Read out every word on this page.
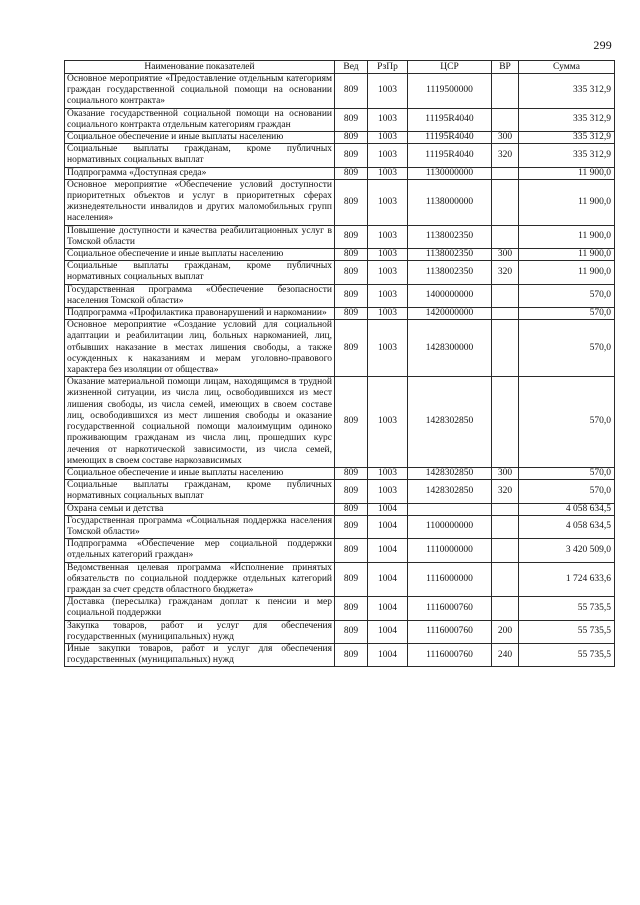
299
Наименование показателей	Вед	РзПр	ЦСР	ВР	Сумма
Основное мероприятие «Предоставление отдельным категориям граждан государственной социальной помощи на основании социального контракта»	809	1003	1119500000		335 312,9
Оказание государственной социальной помощи на основании социального контракта отдельным категориям граждан	809	1003	11195R4040		335 312,9
Социальное обеспечение и иные выплаты населению	809	1003	11195R4040	300	335 312,9
Социальные выплаты гражданам, кроме публичных нормативных социальных выплат	809	1003	11195R4040	320	335 312,9
Подпрограмма «Доступная среда»	809	1003	1130000000		11 900,0
Основное мероприятие «Обеспечение условий доступности приоритетных объектов и услуг в приоритетных сферах жизнедеятельности инвалидов и других маломобильных групп населения»	809	1003	1138000000		11 900,0
Повышение доступности и качества реабилитационных услуг в Томской области	809	1003	1138002350		11 900,0
Социальное обеспечение и иные выплаты населению	809	1003	1138002350	300	11 900,0
Социальные выплаты гражданам, кроме публичных нормативных социальных выплат	809	1003	1138002350	320	11 900,0
Государственная программа «Обеспечение безопасности населения Томской области»	809	1003	1400000000		570,0
Подпрограмма «Профилактика правонарушений и наркомании»	809	1003	1420000000		570,0
Основное мероприятие «Создание условий для социальной адаптации и реабилитации лиц, больных наркоманией, лиц, отбывших наказание в местах лишения свободы, а также осужденных к наказаниям и мерам уголовно-правового характера без изоляции от общества»	809	1003	1428300000		570,0
Оказание материальной помощи лицам, находящимся в трудной жизненной ситуации, из числа лиц, освободившихся из мест лишения свободы, из числа семей, имеющих в своем составе лиц, освободившихся из мест лишения свободы и оказание государственной социальной помощи малоимущим одиноко проживающим гражданам из числа лиц, прошедших курс лечения от наркотической зависимости, из числа семей, имеющих в своем составе наркозависимых	809	1003	1428302850		570,0
Социальное обеспечение и иные выплаты населению	809	1003	1428302850	300	570,0
Социальные выплаты гражданам, кроме публичных нормативных социальных выплат	809	1003	1428302850	320	570,0
Охрана семьи и детства	809	1004			4 058 634,5
Государственная программа «Социальная поддержка населения Томской области»	809	1004	1100000000		4 058 634,5
Подпрограмма «Обеспечение мер социальной поддержки отдельных категорий граждан»	809	1004	1110000000		3 420 509,0
Ведомственная целевая программа «Исполнение принятых обязательств по социальной поддержке отдельных категорий граждан за счет средств областного бюджета»	809	1004	1116000000		1 724 633,6
Доставка (пересылка) гражданам доплат к пенсии и мер социальной поддержки	809	1004	1116000760		55 735,5
Закупка товаров, работ и услуг для обеспечения государственных (муниципальных) нужд	809	1004	1116000760	200	55 735,5
Иные закупки товаров, работ и услуг для обеспечения государственных (муниципальных) нужд	809	1004	1116000760	240	55 735,5
